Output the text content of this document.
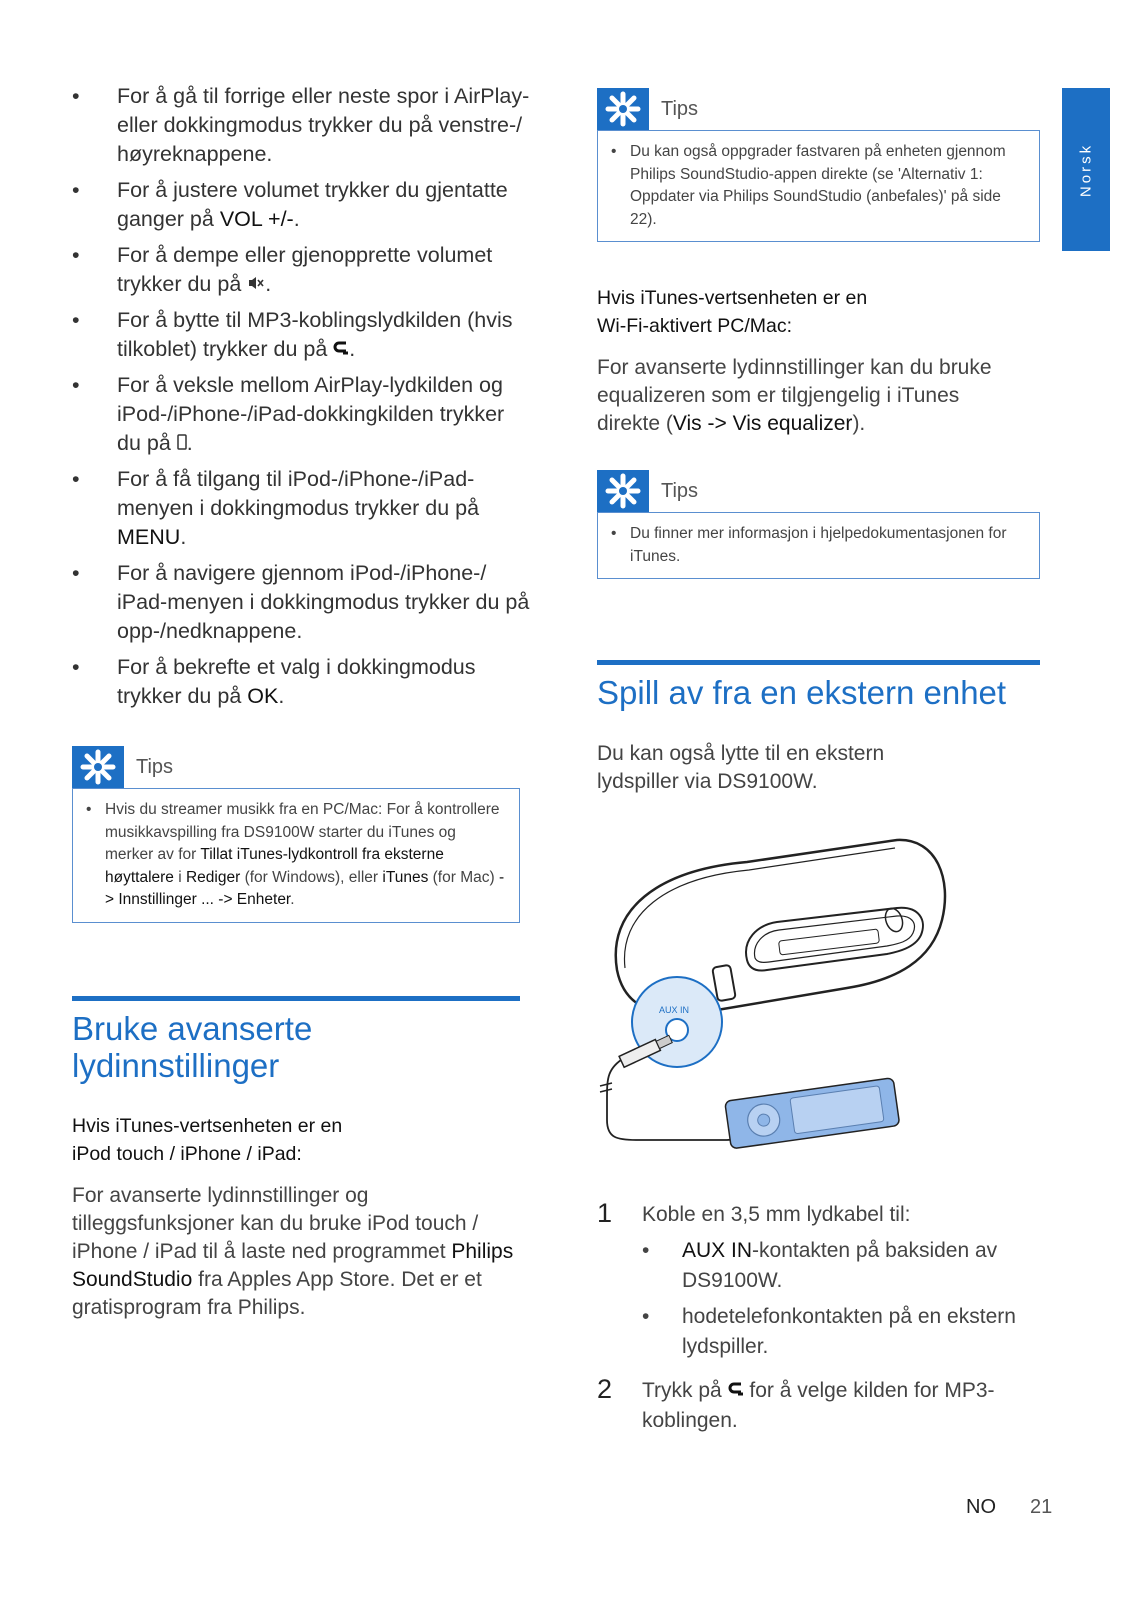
Norsk
• For å gå til forrige eller neste spor i AirPlay- eller dokkingmodus trykker du på venstre-/ høyreknappene.
• For å justere volumet trykker du gjentatte ganger på VOL +/-.
• For å dempe eller gjenopprette volumet trykker du på .
• For å bytte til MP3-koblingslydkilden (hvis tilkoblet) trykker du på .
• For å veksle mellom AirPlay-lydkilden og iPod-/iPhone-/iPad-dokkingkilden trykker du på .
• For å få tilgang til iPod-/iPhone-/iPad-menyen i dokkingmodus trykker du på MENU.
• For å navigere gjennom iPod-/iPhone-/ iPad-menyen i dokkingmodus trykker du på opp-/nedknappene.
• For å bekrefte et valg i dokkingmodus trykker du på OK.
Tips
• Hvis du streamer musikk fra en PC/Mac: For å kontrollere musikkavspilling fra DS9100W starter du iTunes og merker av for Tillat iTunes-lydkontroll fra eksterne høyttalere i Rediger (for Windows), eller iTunes (for Mac) -> Innstillinger ... -> Enheter.
Bruke avanserte
lydinnstillinger
Hvis iTunes-vertsenheten er en
iPod touch / iPhone / iPad:
For avanserte lydinnstillinger og tilleggsfunksjoner kan du bruke iPod touch / iPhone / iPad til å laste ned programmet Philips SoundStudio fra Apples App Store. Det er et gratisprogram fra Philips.
Tips
• Du kan også oppgrader fastvaren på enheten gjennom Philips SoundStudio-appen direkte (se 'Alternativ 1: Oppdater via Philips SoundStudio (anbefales)' på side 22).
Hvis iTunes-vertsenheten er en
Wi-Fi-aktivert PC/Mac:
For avanserte lydinnstillinger kan du bruke equalizeren som er tilgjengelig i iTunes direkte (Vis -> Vis equalizer).
Tips
• Du finner mer informasjon i hjelpedokumentasjonen for iTunes.
Spill av fra en ekstern enhet
Du kan også lytte til en ekstern lydspiller via DS9100W.
AUX IN
1 Koble en 3,5 mm lydkabel til:
• AUX IN-kontakten på baksiden av DS9100W.
• hodetelefonkontakten på en ekstern lydspiller.
2 Trykk på  for å velge kilden for MP3-koblingen.
NO 21
